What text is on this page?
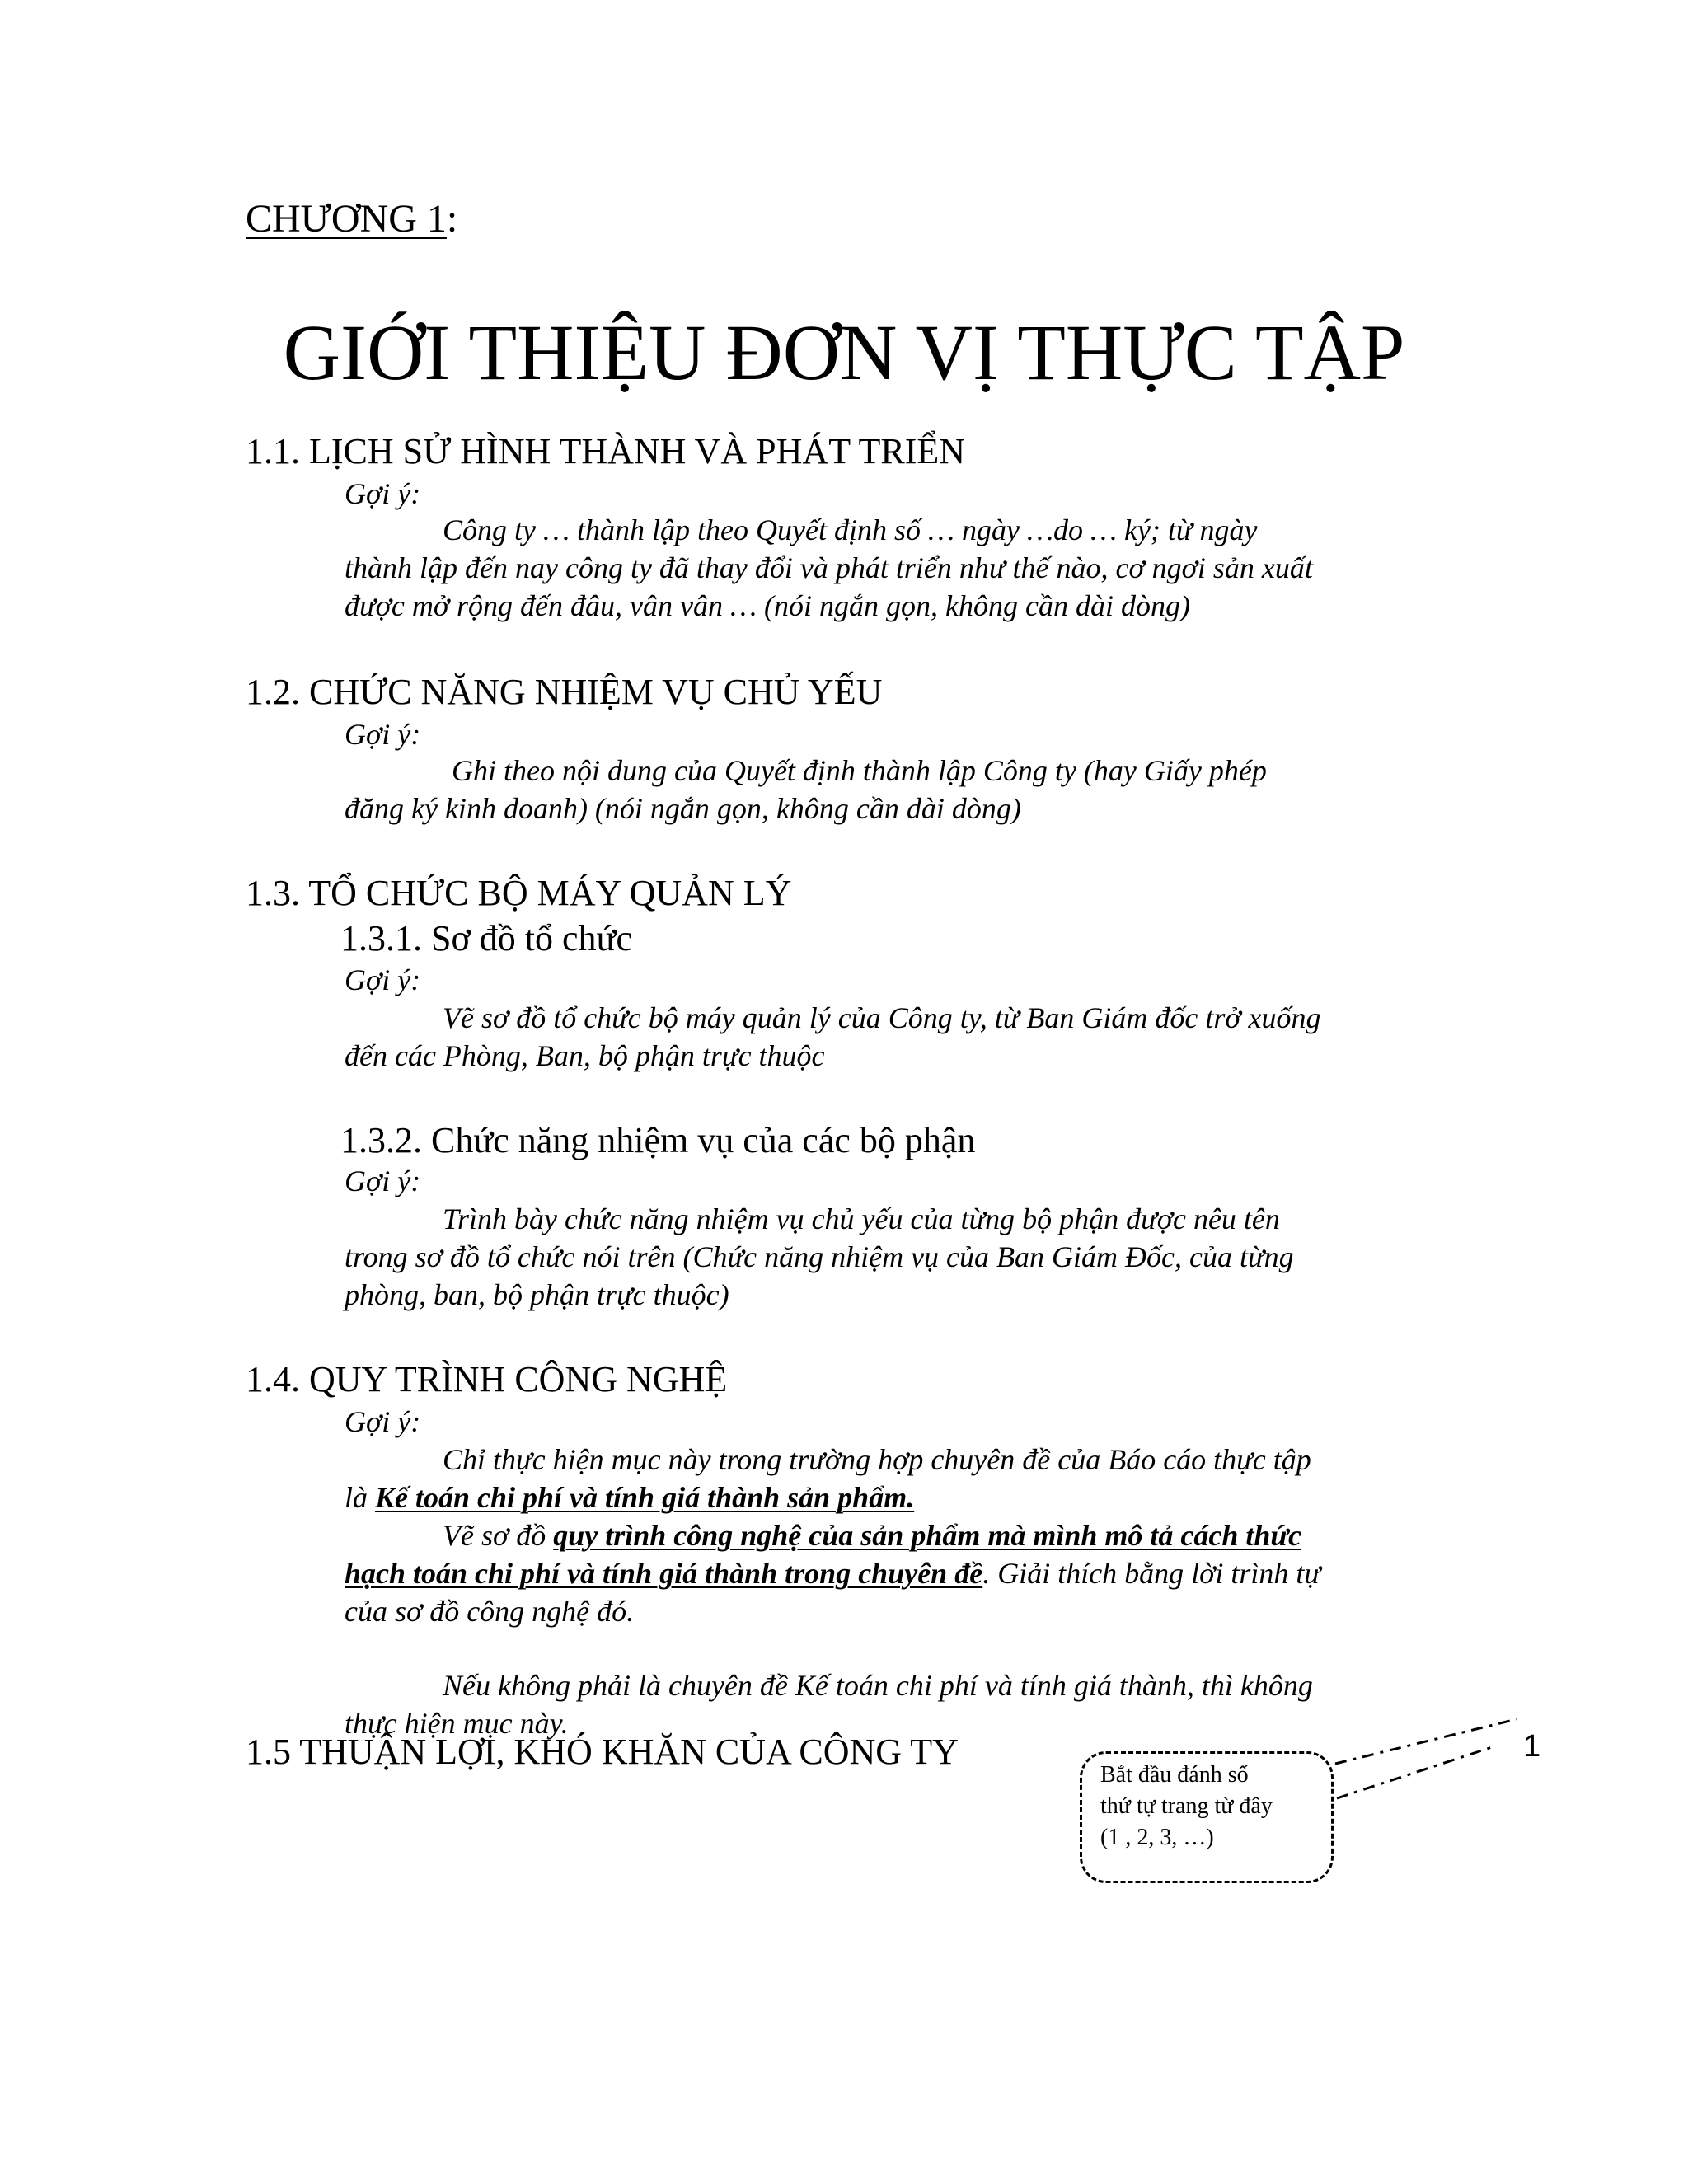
CHƯƠNG 1:
GIỚI THIỆU ĐƠN VỊ THỰC TẬP
1.1. LỊCH SỬ HÌNH THÀNH VÀ PHÁT TRIỂN
Gợi ý:
Công ty … thành lập theo Quyết định số … ngày …do … ký; từ ngày
thành lập đến nay công ty đã thay đổi và phát triển như thế nào, cơ ngơi sản xuất
được mở rộng đến đâu, vân vân … (nói ngắn gọn, không cần dài dòng)
1.2. CHỨC NĂNG NHIỆM VỤ CHỦ YẾU
Gợi ý:
Ghi theo nội dung của Quyết định thành lập Công ty (hay Giấy phép
đăng ký kinh doanh) (nói ngắn gọn, không cần dài dòng)
1.3. TỔ CHỨC BỘ MÁY QUẢN LÝ
1.3.1. Sơ đồ tổ chức
Gợi ý:
Vẽ sơ đồ tổ chức bộ máy quản lý của Công ty, từ Ban Giám đốc trở xuống
đến các Phòng, Ban, bộ phận trực thuộc
1.3.2. Chức năng nhiệm vụ của các bộ phận
Gợi ý:
Trình bày chức năng nhiệm vụ chủ yếu của từng bộ phận được nêu tên
trong sơ đồ tổ chức nói trên (Chức năng nhiệm vụ của Ban Giám Đốc, của từng
phòng, ban, bộ phận trực thuộc)
1.4. QUY TRÌNH CÔNG NGHỆ
Gợi ý:
Chỉ thực hiện mục này trong trường hợp chuyên đề của Báo cáo thực tập
là Kế toán chi phí và tính giá thành sản phẩm.
Vẽ sơ đồ quy trình công nghệ của sản phẩm mà mình mô tả cách thức
hạch toán chi phí và tính giá thành trong chuyên đề. Giải thích bằng lời trình tự
của sơ đồ công nghệ đó.
Nếu không phải là chuyên đề Kế toán chi phí và tính giá thành, thì không
thực hiện mục này.
1.5 THUẬN LỢI, KHÓ KHĂN CỦA CÔNG TY
Bắt đầu đánh số
thứ tự trang từ đây
(1 , 2, 3, …)
1
